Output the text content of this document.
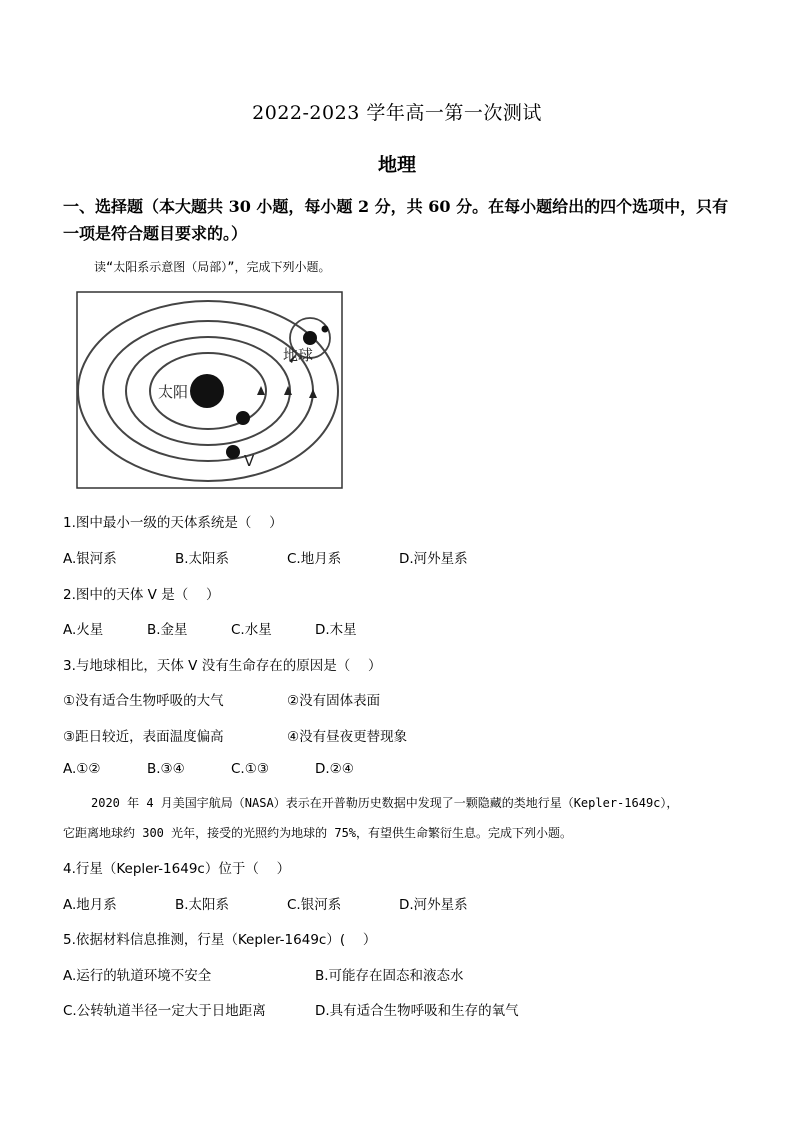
2022-2023 学年高一第一次测试
地理
一、选择题（本大题共 30 小题，每小题 2 分，共 60 分。在每小题给出的四个选项中，只有一项是符合题目要求的。）
读“太阳系示意图（局部）”，完成下列小题。
太阳
地球
V
1.图中最小一级的天体系统是（　 ）
A.银河系	B.太阳系	C.地月系	D.河外星系
2.图中的天体 V 是（　 ）
A.火星	B.金星	C.水星	D.木星
3.与地球相比，天体 V 没有生命存在的原因是（　 ）
①没有适合生物呼吸的大气	②没有固体表面
③距日较近，表面温度偏高	④没有昼夜更替现象
A.①②	B.③④	C.①③	D.②④
2020 年 4 月美国宇航局（NASA）表示在开普勒历史数据中发现了一颗隐藏的类地行星（Kepler-1649c），
它距离地球约 300 光年，接受的光照约为地球的 75%，有望供生命繁衍生息。完成下列小题。
4.行星（Kepler-1649c）位于（　 ）
A.地月系	B.太阳系	C.银河系	D.河外星系
5.依据材料信息推测，行星（Kepler-1649c）(　 ）
A.运行的轨道环境不安全	B.可能存在固态和液态水
C.公转轨道半径一定大于日地距离	D.具有适合生物呼吸和生存的氧气
